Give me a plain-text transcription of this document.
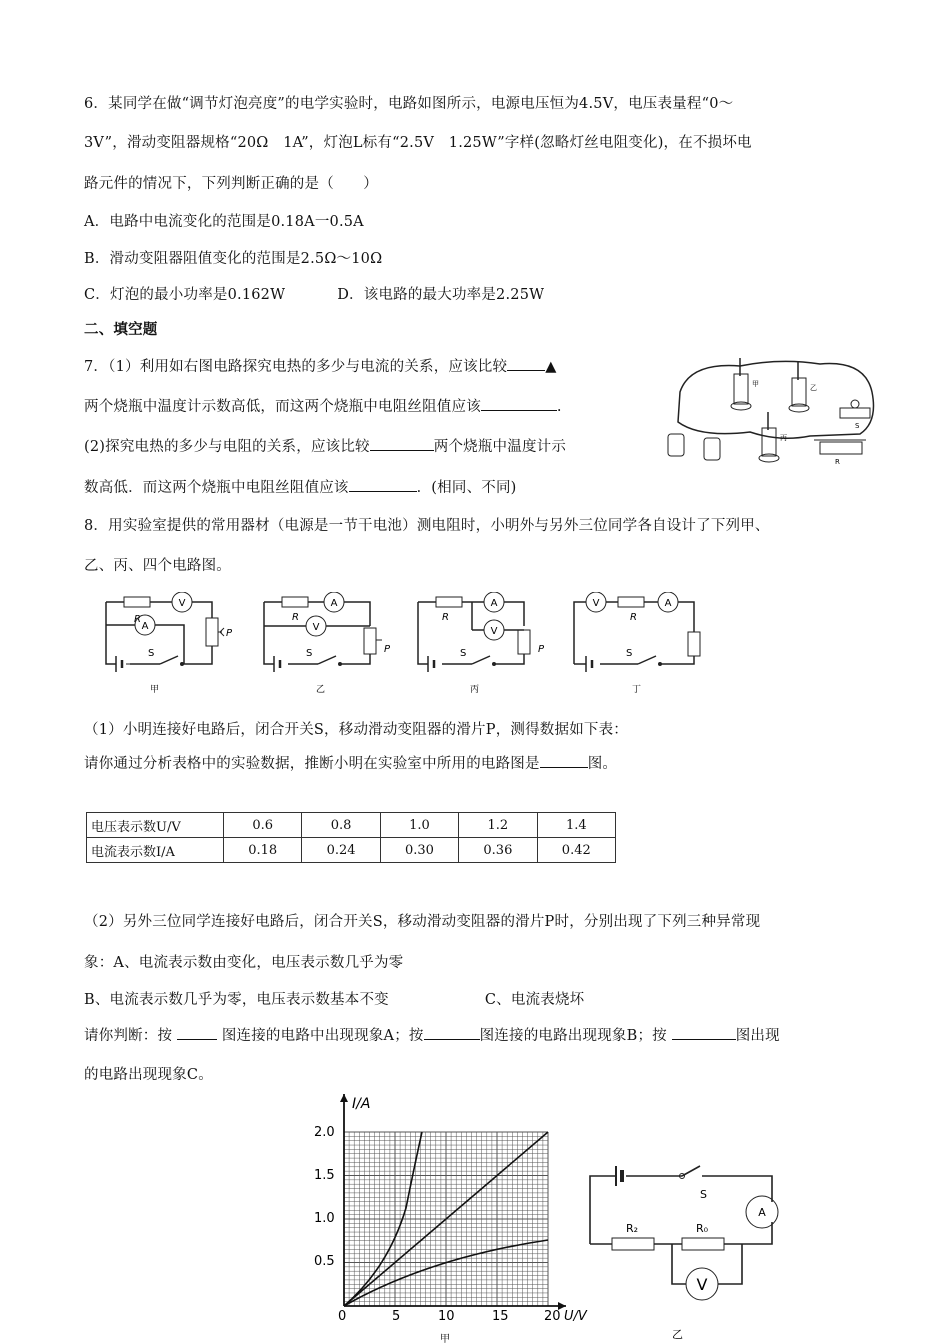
6．某同学在做“调节灯泡亮度”的电学实验时，电路如图所示，电源电压恒为4.5V，电压表量程“0～
3V”，滑动变阻器规格“20Ω　1A”，灯泡L标有“2.5V　1.25W”字样(忽略灯丝电阻变化)，在不损坏电
路元件的情况下，下列判断正确的是（　　）
A．电路中电流变化的范围是0.18A一0.5A
B．滑动变阻器阻值变化的范围是2.5Ω～10Ω
C．灯泡的最小功率是0.162W	D．该电路的最大功率是2.25W
二、填空题
7．（1）利用如右图电路探究电热的多少与电流的关系，应该比较	▲
两个烧瓶中温度计示数高低，而这两个烧瓶中电阻丝阻值应该	.
(2)探究电热的多少与电阻的关系，应该比较	两个烧瓶中温度计示
数高低．而这两个烧瓶中电阻丝阻值应该	．(相同、不同)
甲	乙
丙
S
R
8．用实验室提供的常用器材（电源是一节干电池）测电阻时，小明外与另外三位同学各自设计了下列甲、
乙、丙、四个电路图。
R
V
A
P
S
甲
R
A
V
P
S
乙
R
A
V
P
S
丙
V
R
A
S
丁
（1）小明连接好电路后，闭合开关S，移动滑动变阻器的滑片P，测得数据如下表：
请你通过分析表格中的实验数据，推断小明在实验室中所用的电路图是	图。
电压表示数U/V	0.6	0.8	1.0	1.2	1.4
电流表示数I/A	0.18	0.24	0.30	0.36	0.42
（2）另外三位同学连接好电路后，闭合开关S，移动滑动变阻器的滑片P时，分别出现了下列三种异常现
象：A、电流表示数由变化，电压表示数几乎为零
B、电流表示数几乎为零，电压表示数基本不变	C、电流表烧坏
请你判断：按	图连接的电路中出现现象A；按	图连接的电路出现现象B；按	图出现
的电路出现现象C。
I/A
U/V
2.0
1.5
1.0
0.5
0	5	10	15	20
甲
S
A
R₂	R₀
V
乙
